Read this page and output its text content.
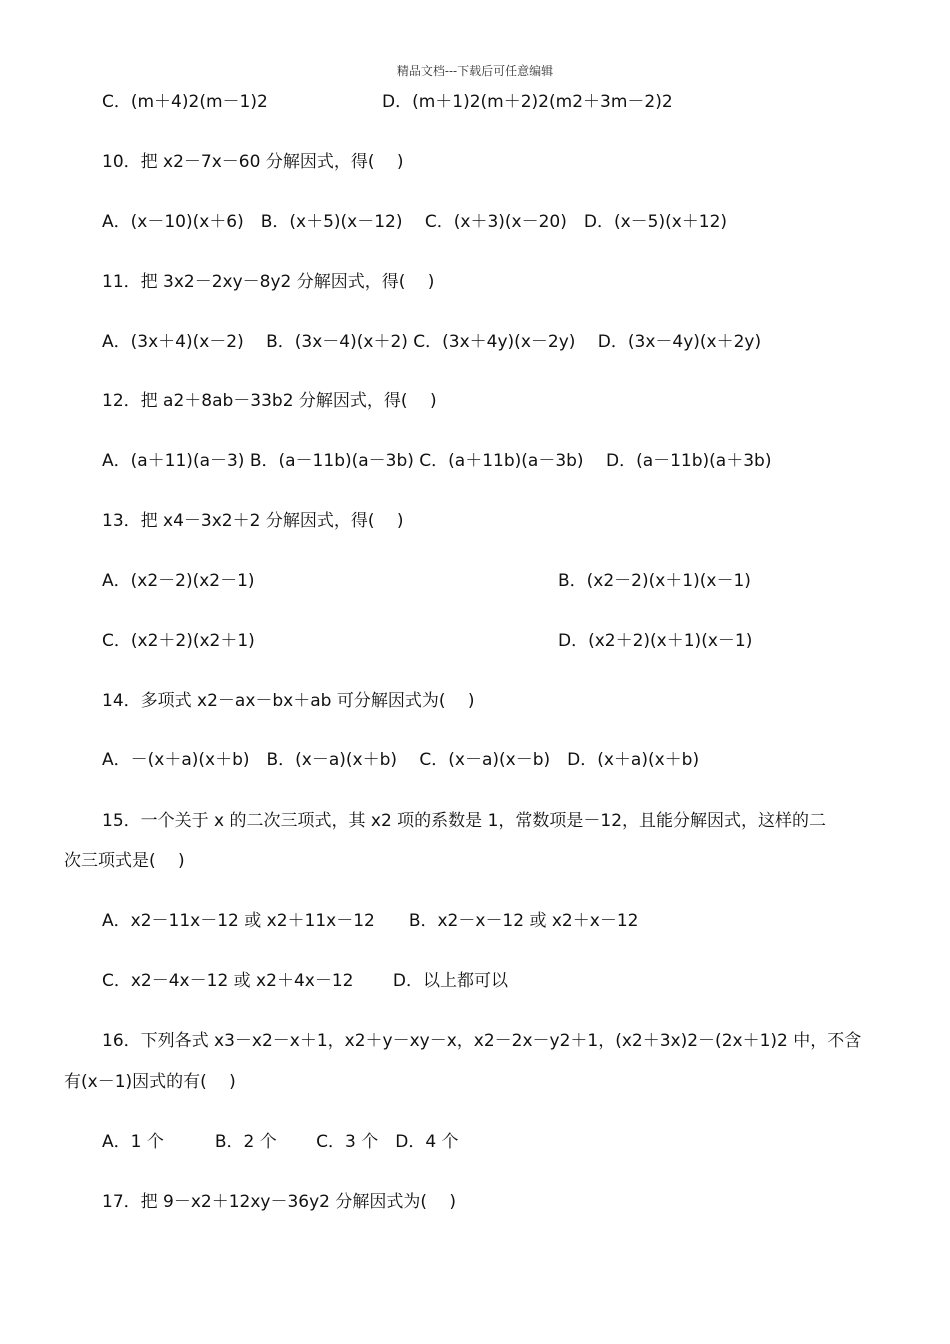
精品文档---下载后可任意编辑
C．(m＋4)2(m－1)2	D．(m＋1)2(m＋2)2(m2＋3m－2)2
10．把 x2－7x－60 分解因式，得(　 )
A．(x－10)(x＋6)　B．(x＋5)(x－12)　 C．(x＋3)(x－20)　D．(x－5)(x＋12)
11．把 3x2－2xy－8y2 分解因式，得(　 )
A．(3x＋4)(x－2)　 B．(3x－4)(x＋2) C．(3x＋4y)(x－2y)　 D．(3x－4y)(x＋2y)
12．把 a2＋8ab－33b2 分解因式，得(　 )
A．(a＋11)(a－3) B．(a－11b)(a－3b) C．(a＋11b)(a－3b)　 D．(a－11b)(a＋3b)
13．把 x4－3x2＋2 分解因式，得(　 )
A．(x2－2)(x2－1)	B．(x2－2)(x＋1)(x－1)
C．(x2＋2)(x2＋1)	D．(x2＋2)(x＋1)(x－1)
14．多项式 x2－ax－bx＋ab 可分解因式为(　 )
A．－(x＋a)(x＋b)　B．(x－a)(x＋b)　 C．(x－a)(x－b)　D．(x＋a)(x＋b)
15．一个关于 x 的二次三项式，其 x2 项的系数是 1，常数项是－12，且能分解因式，这样的二
次三项式是(　 )
A．x2－11x－12 或 x2＋11x－12　　B．x2－x－12 或 x2＋x－12
C．x2－4x－12 或 x2＋4x－12　　 D．以上都可以
16．下列各式 x3－x2－x＋1，x2＋y－xy－x，x2－2x－y2＋1，(x2＋3x)2－(2x＋1)2 中，不含
有(x－1)因式的有(　 )
A．1 个　　　B．2 个　　 C．3 个　D．4 个
17．把 9－x2＋12xy－36y2 分解因式为(　 )
